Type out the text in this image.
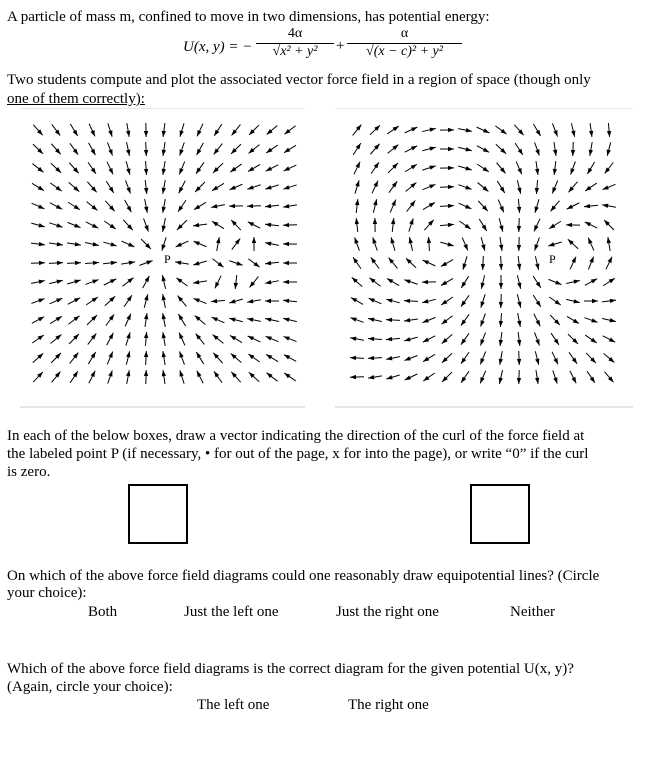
A particle of mass m, confined to move in two dimensions, has potential energy:
U(x, y) = −
4α
√x² + y²	+
α
√(x − c)² + y²
Two students compute and plot the associated vector force field in a region of space (though only
one of them correctly):
P	P
In each of the below boxes, draw a vector indicating the direction of the curl of the force field at
the labeled point P (if necessary, • for out of the page, x for into the page), or write “0” if the curl
is zero.
On which of the above force field diagrams could one reasonably draw equipotential lines? (Circle
your choice):
Both	Just the left one	Just the right one	Neither
Which of the above force field diagrams is the correct diagram for the given potential U(x, y)?
(Again, circle your choice):
The left one	The right one
